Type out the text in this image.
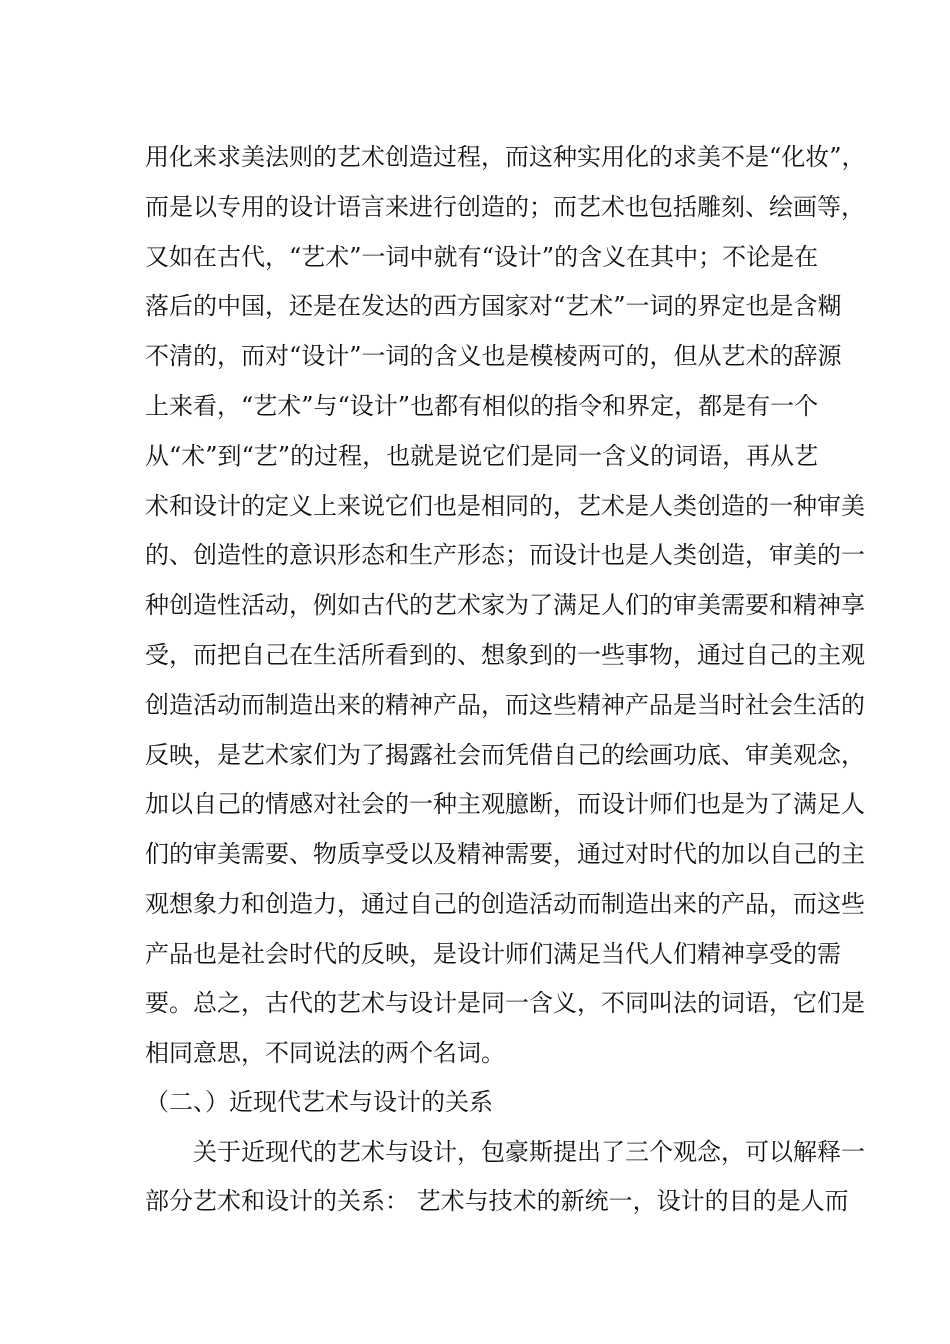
用化来求美法则的艺术创造过程，而这种实用化的求美不是“化妆”，
而是以专用的设计语言来进行创造的；而艺术也包括雕刻、绘画等，
又如在古代，“艺术”一词中就有“设计”的含义在其中；不论是在
落后的中国，还是在发达的西方国家对“艺术”一词的界定也是含糊
不清的，而对“设计”一词的含义也是模棱两可的，但从艺术的辞源
上来看，“艺术”与“设计”也都有相似的指令和界定，都是有一个
从“术”到“艺”的过程，也就是说它们是同一含义的词语，再从艺
术和设计的定义上来说它们也是相同的，艺术是人类创造的一种审美
的、创造性的意识形态和生产形态；而设计也是人类创造，审美的一
种创造性活动，例如古代的艺术家为了满足人们的审美需要和精神享
受，而把自己在生活所看到的、想象到的一些事物，通过自己的主观
创造活动而制造出来的精神产品，而这些精神产品是当时社会生活的
反映，是艺术家们为了揭露社会而凭借自己的绘画功底、审美观念，
加以自己的情感对社会的一种主观臆断，而设计师们也是为了满足人
们的审美需要、物质享受以及精神需要，通过对时代的加以自己的主
观想象力和创造力，通过自己的创造活动而制造出来的产品，而这些
产品也是社会时代的反映，是设计师们满足当代人们精神享受的需
要。总之，古代的艺术与设计是同一含义，不同叫法的词语，它们是
相同意思，不同说法的两个名词。
（二、）近现代艺术与设计的关系
关于近现代的艺术与设计，包豪斯提出了三个观念，可以解释一
部分艺术和设计的关系： 艺术与技术的新统一，设计的目的是人而
